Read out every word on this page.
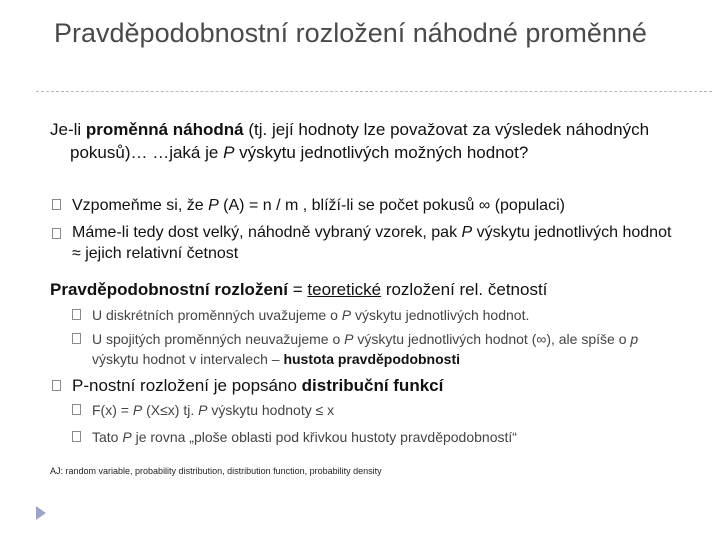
Pravděpodobnostní rozložení náhodné proměnné
Je-li proměnná náhodná (tj. její hodnoty lze považovat za výsledek náhodných pokusů)… …jaká je P výskytu jednotlivých možných hodnot?
Vzpomeňme si, že P (A) = n / m , blíží-li se počet pokusů ∞ (populaci)
Máme-li tedy dost velký, náhodně vybraný vzorek, pak P výskytu jednotlivých hodnot ≈ jejich relativní četnost
Pravděpodobnostní rozložení = teoretické rozložení rel. četností
U diskrétních proměnných uvažujeme o P výskytu jednotlivých hodnot.
U spojitých proměnných neuvažujeme o P výskytu jednotlivých hodnot (∞), ale spíše o p výskytu hodnot v intervalech – hustota pravděpodobnosti
P-nostní rozložení je popsáno distribuční funkcí
F(x) = P (X≤x) tj. P výskytu hodnoty ≤ x
Tato P je rovna „ploše oblasti pod křivkou hustoty pravděpodobností“
AJ: random variable, probability distribution, distribution function, probability density
